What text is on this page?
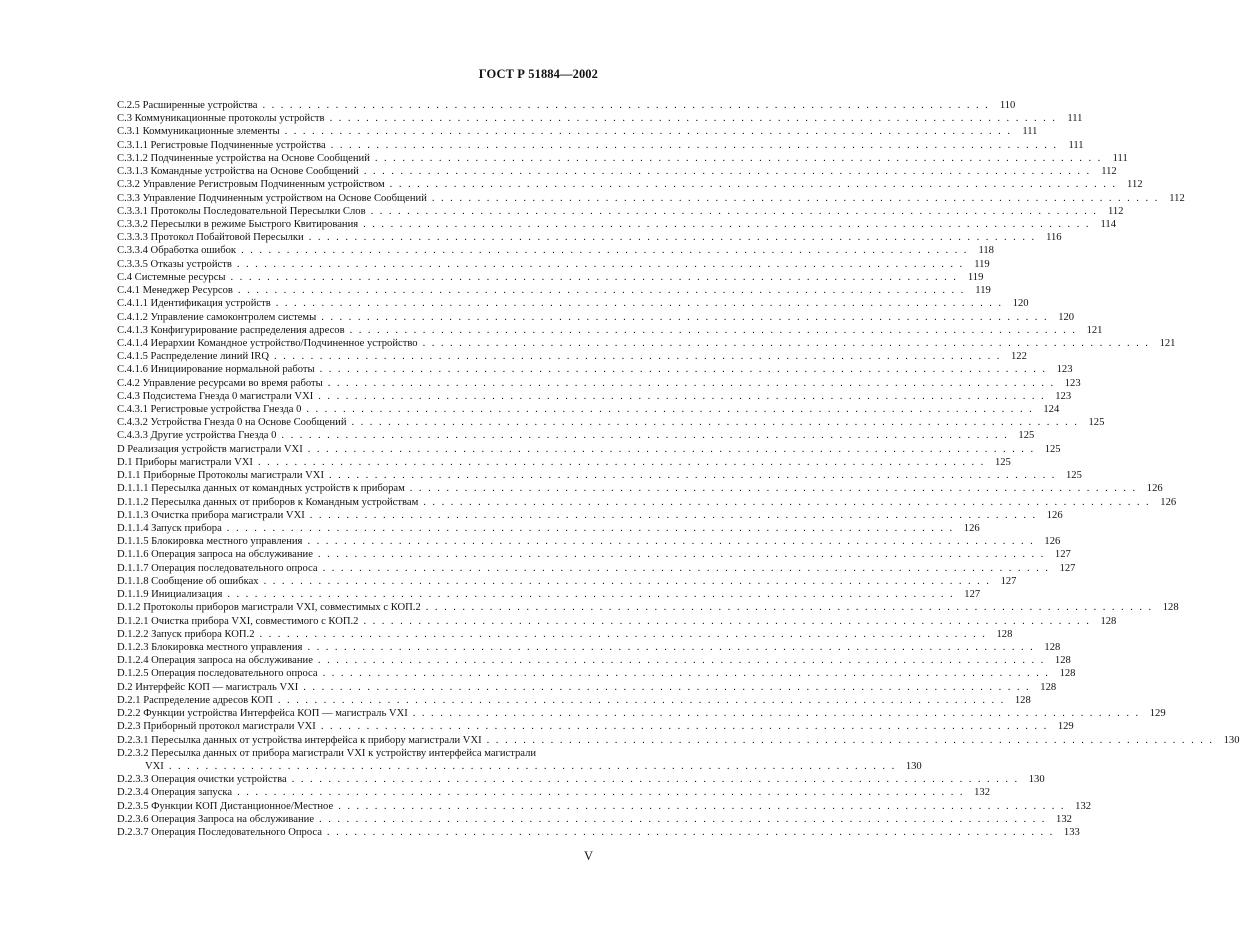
ГОСТ Р 51884—2002
С.2.5 Расширенные устройства ................................................................................ 110
С.3 Коммуникационные протоколы устройств ................................................................................ 111
С.3.1 Коммуникационные элементы ................................................................................ 111
С.3.1.1 Регистровые Подчиненные устройства ................................................................................ 111
С.3.1.2 Подчиненные устройства на Основе Сообщений ................................................................................ 111
С.3.1.3 Командные устройства на Основе Сообщений ................................................................................ 112
С.3.2 Управление Регистровым Подчиненным устройством ................................................................................ 112
С.3.3 Управление Подчиненным устройством на Основе Сообщений ................................................................................ 112
С.3.3.1 Протоколы Последовательной Пересылки Слов ................................................................................ 112
С.3.3.2 Пересылки в режиме Быстрого Квитирования ................................................................................ 114
С.3.3.3 Протокол Побайтовой Пересылки ................................................................................ 116
С.3.3.4 Обработка ошибок ................................................................................ 118
С.3.3.5 Отказы устройств ................................................................................ 119
С.4 Системные ресурсы ................................................................................ 119
С.4.1 Менеджер Ресурсов ................................................................................ 119
С.4.1.1 Идентификация устройств ................................................................................ 120
С.4.1.2 Управление самоконтролем системы ................................................................................ 120
С.4.1.3 Конфигурирование распределения адресов ................................................................................ 121
С.4.1.4 Иерархии Командное устройство/Подчиненное устройство ................................................................................ 121
С.4.1.5 Распределение линий IRQ ................................................................................ 122
С.4.1.6 Инициирование нормальной работы ................................................................................ 123
С.4.2 Управление ресурсами во время работы ................................................................................ 123
С.4.3 Подсистема Гнезда 0 магистрали VXI ................................................................................ 123
С.4.3.1 Регистровые устройства Гнезда 0 ................................................................................ 124
С.4.3.2 Устройства Гнезда 0 на Основе Сообщений ................................................................................ 125
С.4.3.3 Другие устройства Гнезда 0 ................................................................................ 125
D Реализация устройств магистрали VXI ................................................................................ 125
D.1 Приборы магистрали VXI ................................................................................ 125
D.1.1 Приборные Протоколы магистрали VXI ................................................................................ 125
D.1.1.1 Пересылка данных от командных устройств к приборам ................................................................................ 126
D.1.1.2 Пересылка данных от приборов к Командным устройствам ................................................................................ 126
D.1.1.3 Очистка прибора магистрали VXI ................................................................................ 126
D.1.1.4 Запуск прибора ................................................................................ 126
D.1.1.5 Блокировка местного управления ................................................................................ 126
D.1.1.6 Операция запроса на обслуживание ................................................................................ 127
D.1.1.7 Операция последовательного опроса ................................................................................ 127
D.1.1.8 Сообщение об ошибках ................................................................................ 127
D.1.1.9 Инициализация ................................................................................ 127
D.1.2 Протоколы приборов магистрали VXI, совместимых с КОП.2 ................................................................................ 128
D.1.2.1 Очистка прибора VXI, совместимого с КОП.2 ................................................................................ 128
D.1.2.2 Запуск прибора КОП.2 ................................................................................ 128
D.1.2.3 Блокировка местного управления ................................................................................ 128
D.1.2.4 Операция запроса на обслуживание ................................................................................ 128
D.1.2.5 Операция последовательного опроса ................................................................................ 128
D.2 Интерфейс КОП — магистраль VXI ................................................................................ 128
D.2.1 Распределение адресов КОП ................................................................................ 128
D.2.2 Функции устройства Интерфейса КОП — магистраль VXI ................................................................................ 129
D.2.3 Приборный протокол магистрали VXI ................................................................................ 129
D.2.3.1 Пересылка данных от устройства интерфейса к прибору магистрали VXI ................................................................................ 130
D.2.3.2 Пересылка данных от прибора магистрали VXI к устройству интерфейса магистрали
VXI ................................................................................ 130
D.2.3.3 Операция очистки устройства ................................................................................ 130
D.2.3.4 Операция запуска ................................................................................ 132
D.2.3.5 Функции КОП Дистанционное/Местное ................................................................................ 132
D.2.3.6 Операция Запроса на обслуживание ................................................................................ 132
D.2.3.7 Операция Последовательного Опроса ................................................................................ 133
V
